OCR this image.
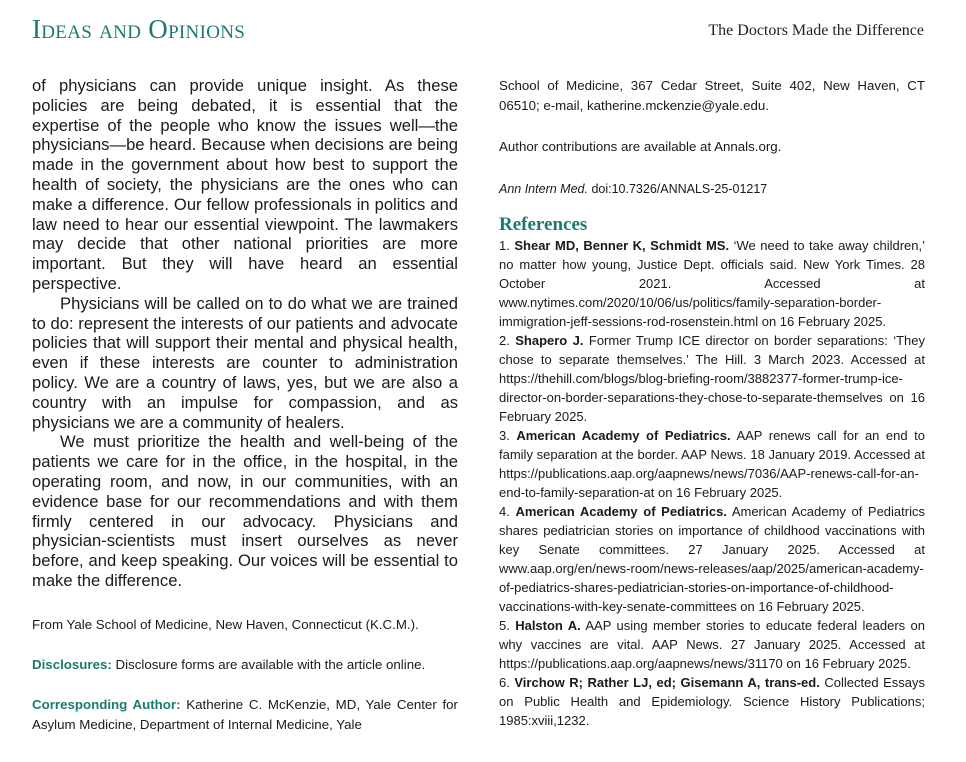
Ideas and Opinions	The Doctors Made the Difference

of physicians can provide unique insight. As these policies are being debated, it is essential that the expertise of the people who know the issues well—the physicians—be heard. Because when decisions are being made in the government about how best to support the health of society, the physicians are the ones who can make a difference. Our fellow professionals in politics and law need to hear our essential viewpoint. The lawmakers may decide that other national priorities are more important. But they will have heard an essential perspective.

Physicians will be called on to do what we are trained to do: represent the interests of our patients and advocate policies that will support their mental and physical health, even if these interests are counter to administration policy. We are a country of laws, yes, but we are also a country with an impulse for compassion, and as physicians we are a community of healers.

We must prioritize the health and well-being of the patients we care for in the office, in the hospital, in the operating room, and now, in our communities, with an evidence base for our recommendations and with them firmly centered in our advocacy. Physicians and physician-scientists must insert ourselves as never before, and keep speaking. Our voices will be essential to make the difference.

From Yale School of Medicine, New Haven, Connecticut (K.C.M.).

Disclosures: Disclosure forms are available with the article online.

Corresponding Author: Katherine C. McKenzie, MD, Yale Center for Asylum Medicine, Department of Internal Medicine, Yale

School of Medicine, 367 Cedar Street, Suite 402, New Haven, CT 06510; e-mail, katherine.mckenzie@yale.edu.

Author contributions are available at Annals.org.

Ann Intern Med. doi:10.7326/ANNALS-25-01217

References
1. Shear MD, Benner K, Schmidt MS. ‘We need to take away children,’ no matter how young, Justice Dept. officials said. New York Times. 28 October 2021. Accessed at www.nytimes.com/2020/10/06/us/politics/family-separation-border-immigration-jeff-sessions-rod-rosenstein.html on 16 February 2025.
2. Shapero J. Former Trump ICE director on border separations: ‘They chose to separate themselves.’ The Hill. 3 March 2023. Accessed at https://thehill.com/blogs/blog-briefing-room/3882377-former-trump-ice-director-on-border-separations-they-chose-to-separate-themselves on 16 February 2025.
3. American Academy of Pediatrics. AAP renews call for an end to family separation at the border. AAP News. 18 January 2019. Accessed at https://publications.aap.org/aapnews/news/7036/AAP-renews-call-for-an-end-to-family-separation-at on 16 February 2025.
4. American Academy of Pediatrics. American Academy of Pediatrics shares pediatrician stories on importance of childhood vaccinations with key Senate committees. 27 January 2025. Accessed at www.aap.org/en/news-room/news-releases/aap/2025/american-academy-of-pediatrics-shares-pediatrician-stories-on-importance-of-childhood-vaccinations-with-key-senate-committees on 16 February 2025.
5. Halston A. AAP using member stories to educate federal leaders on why vaccines are vital. AAP News. 27 January 2025. Accessed at https://publications.aap.org/aapnews/news/31170 on 16 February 2025.
6. Virchow R; Rather LJ, ed; Gisemann A, trans-ed. Collected Essays on Public Health and Epidemiology. Science History Publications; 1985:xviii,1232.
